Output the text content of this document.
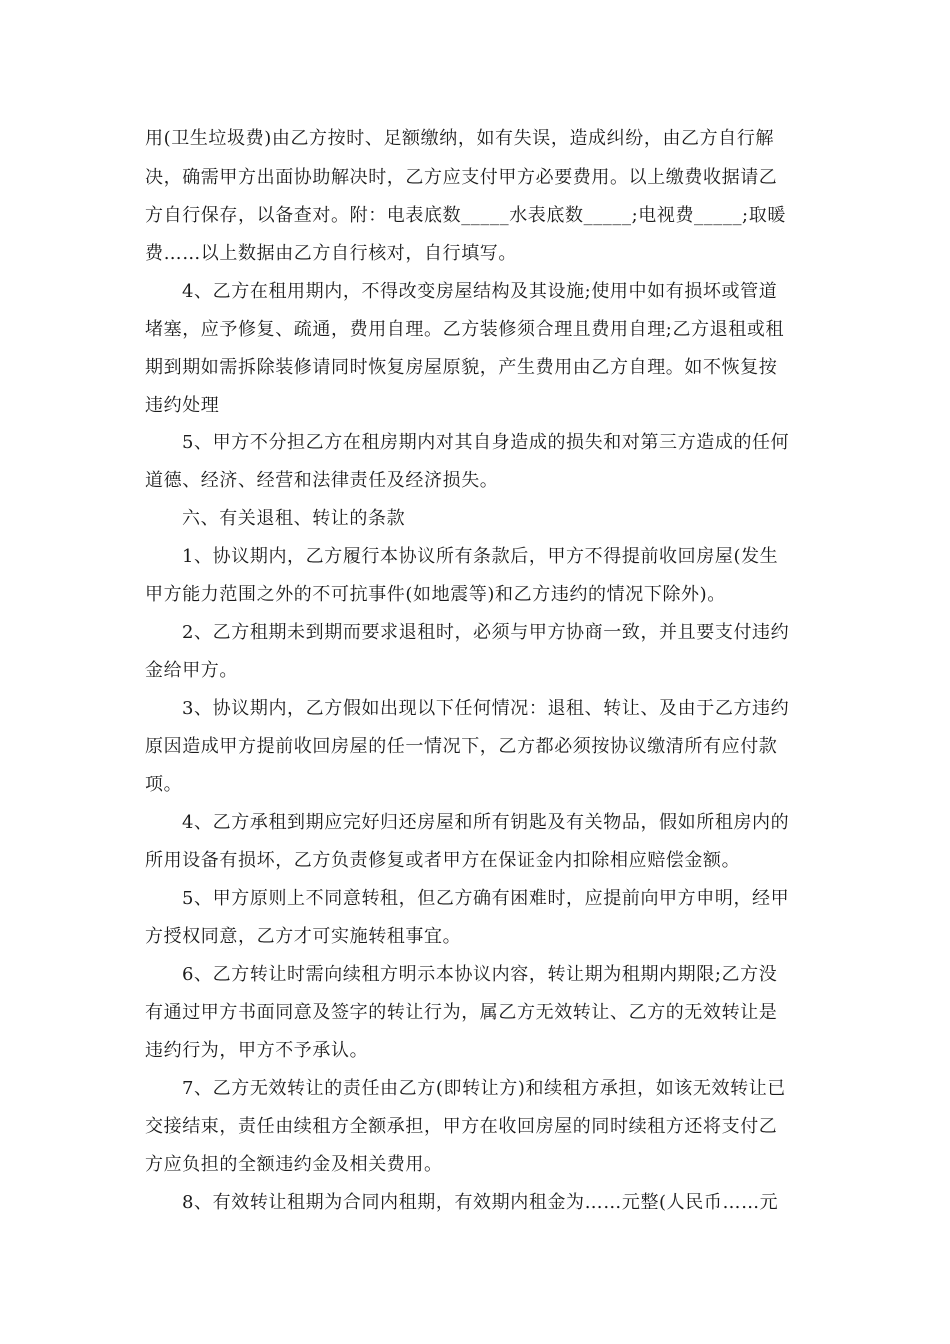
用(卫生垃圾费)由乙方按时、足额缴纳，如有失误，造成纠纷，由乙方自行解
决，确需甲方出面协助解决时，乙方应支付甲方必要费用。以上缴费收据请乙
方自行保存，以备查对。附：电表底数_____水表底数_____;电视费_____;取暖
费……以上数据由乙方自行核对，自行填写。
4、乙方在租用期内，不得改变房屋结构及其设施;使用中如有损坏或管道
堵塞，应予修复、疏通，费用自理。乙方装修须合理且费用自理;乙方退租或租
期到期如需拆除装修请同时恢复房屋原貌，产生费用由乙方自理。如不恢复按
违约处理
5、甲方不分担乙方在租房期内对其自身造成的损失和对第三方造成的任何
道德、经济、经营和法律责任及经济损失。
六、有关退租、转让的条款
1、协议期内，乙方履行本协议所有条款后，甲方不得提前收回房屋(发生
甲方能力范围之外的不可抗事件(如地震等)和乙方违约的情况下除外)。
2、乙方租期未到期而要求退租时，必须与甲方协商一致，并且要支付违约
金给甲方。
3、协议期内，乙方假如出现以下任何情况：退租、转让、及由于乙方违约
原因造成甲方提前收回房屋的任一情况下，乙方都必须按协议缴清所有应付款
项。
4、乙方承租到期应完好归还房屋和所有钥匙及有关物品，假如所租房内的
所用设备有损坏，乙方负责修复或者甲方在保证金内扣除相应赔偿金额。
5、甲方原则上不同意转租，但乙方确有困难时，应提前向甲方申明，经甲
方授权同意，乙方才可实施转租事宜。
6、乙方转让时需向续租方明示本协议内容，转让期为租期内期限;乙方没
有通过甲方书面同意及签字的转让行为，属乙方无效转让、乙方的无效转让是
违约行为，甲方不予承认。
7、乙方无效转让的责任由乙方(即转让方)和续租方承担，如该无效转让已
交接结束，责任由续租方全额承担，甲方在收回房屋的同时续租方还将支付乙
方应负担的全额违约金及相关费用。
8、有效转让租期为合同内租期，有效期内租金为……元整(人民币……元
